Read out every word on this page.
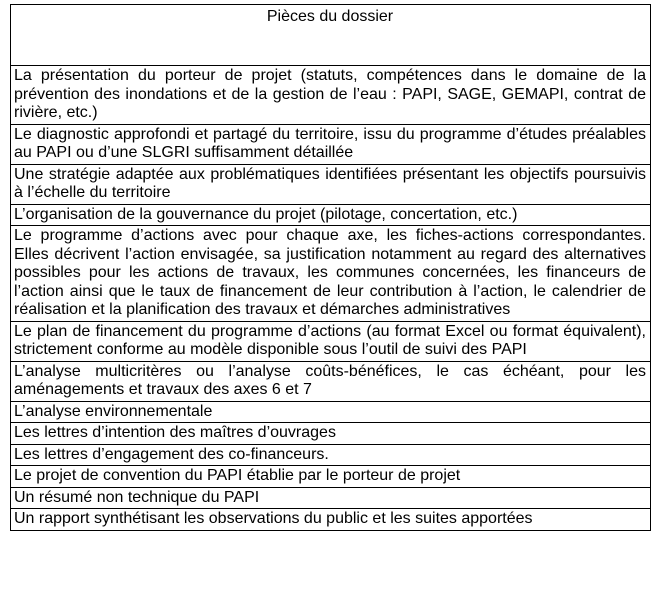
Pièces du dossier
La présentation du porteur de projet (statuts, compétences dans le domaine de la prévention des inondations et de la gestion de l’eau : PAPI, SAGE, GEMAPI, contrat de rivière, etc.)
Le diagnostic approfondi et partagé du territoire, issu du programme d’études préalables au PAPI ou d’une SLGRI suffisamment détaillée
Une stratégie adaptée aux problématiques identifiées présentant les objectifs poursuivis à l’échelle du territoire
L’organisation de la gouvernance du projet (pilotage, concertation, etc.)
Le programme d’actions avec pour chaque axe, les fiches-actions correspondantes. Elles décrivent l’action envisagée, sa justification notamment au regard des alternatives possibles pour les actions de travaux, les communes concernées, les financeurs de l’action ainsi que le taux de financement de leur contribution à l’action, le calendrier de réalisation et la planification des travaux et démarches administratives
Le plan de financement du programme d’actions (au format Excel ou format équivalent), strictement conforme au modèle disponible sous l’outil de suivi des PAPI
L’analyse multicritères ou l’analyse coûts-bénéfices, le cas échéant, pour les aménagements et travaux des axes 6 et 7
L’analyse environnementale
Les lettres d’intention des maîtres d’ouvrages
Les lettres d’engagement des co-financeurs.
Le projet de convention du PAPI établie par le porteur de projet
Un résumé non technique du PAPI
Un rapport synthétisant les observations du public et les suites apportées
